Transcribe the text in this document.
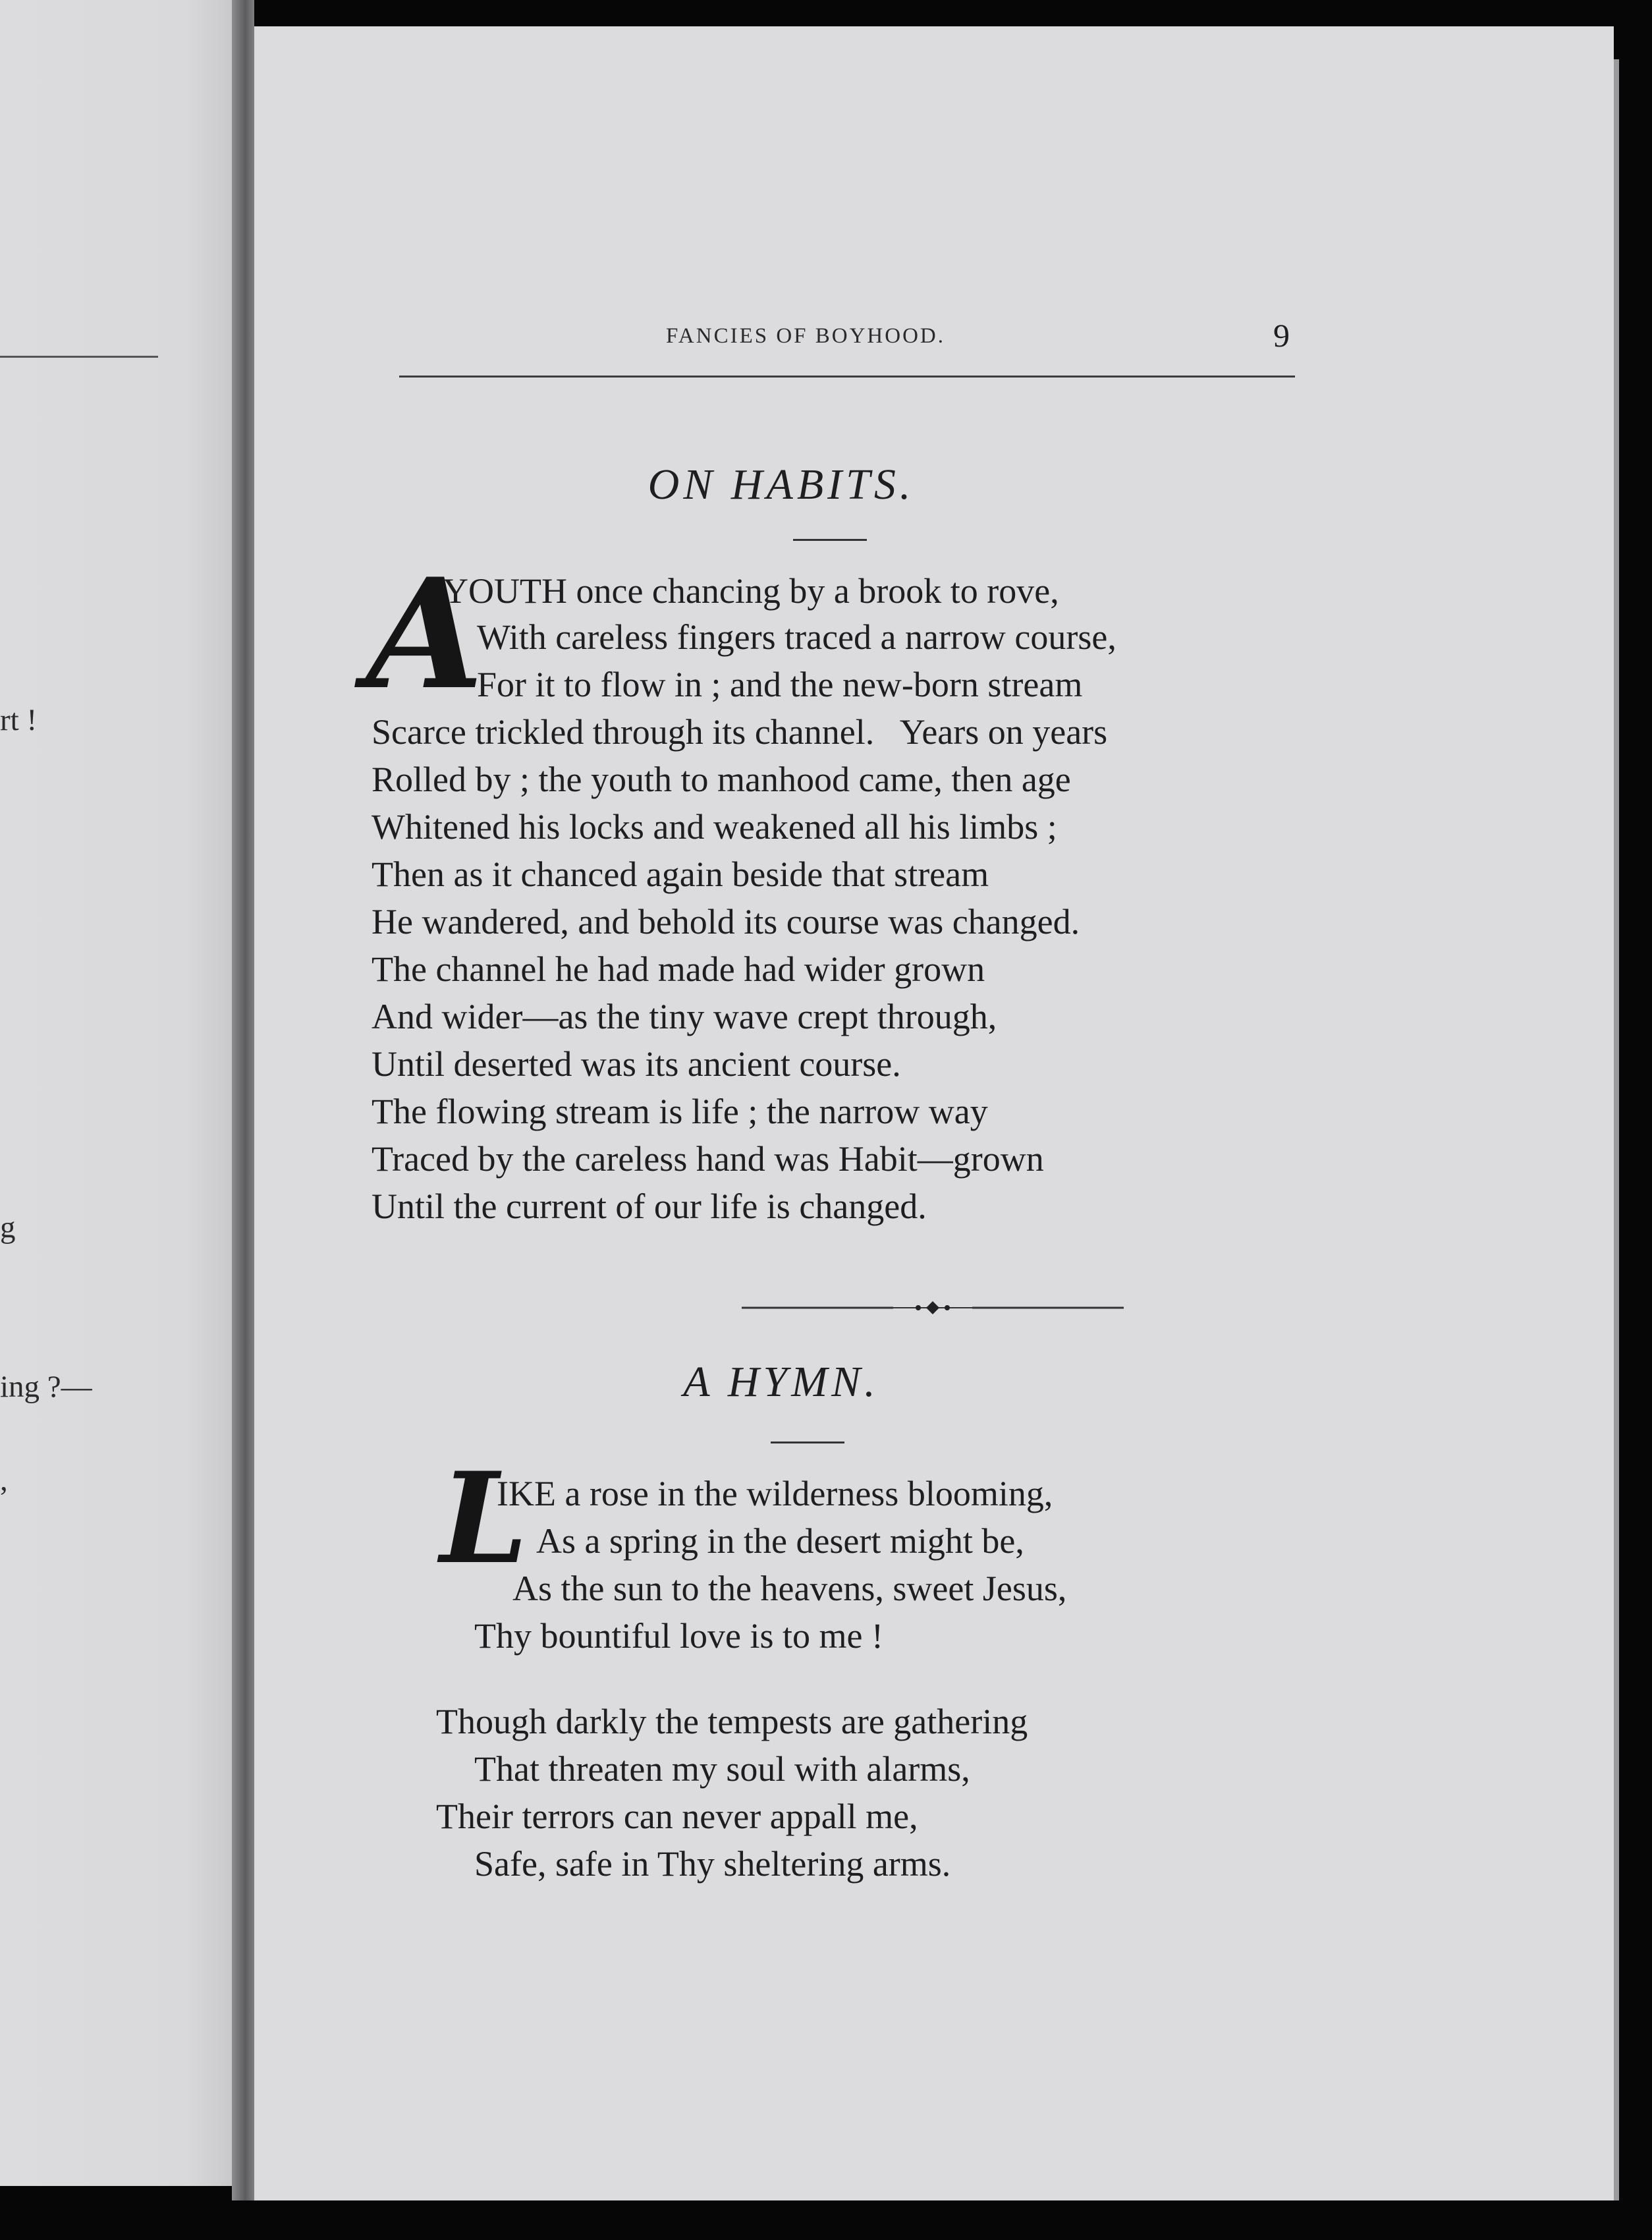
rt !
g
ing ?—
,
FANCIES OF BOYHOOD.	9
ON HABITS.
A
YOUTH once chancing by a brook to rove,
With careless fingers traced a narrow course,
For it to flow in ; and the new-born stream
Scarce trickled through its channel.   Years on years
Rolled by ; the youth to manhood came, then age
Whitened his locks and weakened all his limbs ;
Then as it chanced again beside that stream
He wandered, and behold its course was changed.
The channel he had made had wider grown
And wider—as the tiny wave crept through,
Until deserted was its ancient course.
The flowing stream is life ; the narrow way
Traced by the careless hand was Habit—grown
Until the current of our life is changed.
A HYMN.
L
IKE a rose in the wilderness blooming,
As a spring in the desert might be,
As the sun to the heavens, sweet Jesus,
Thy bountiful love is to me !
Though darkly the tempests are gathering
That threaten my soul with alarms,
Their terrors can never appall me,
Safe, safe in Thy sheltering arms.
